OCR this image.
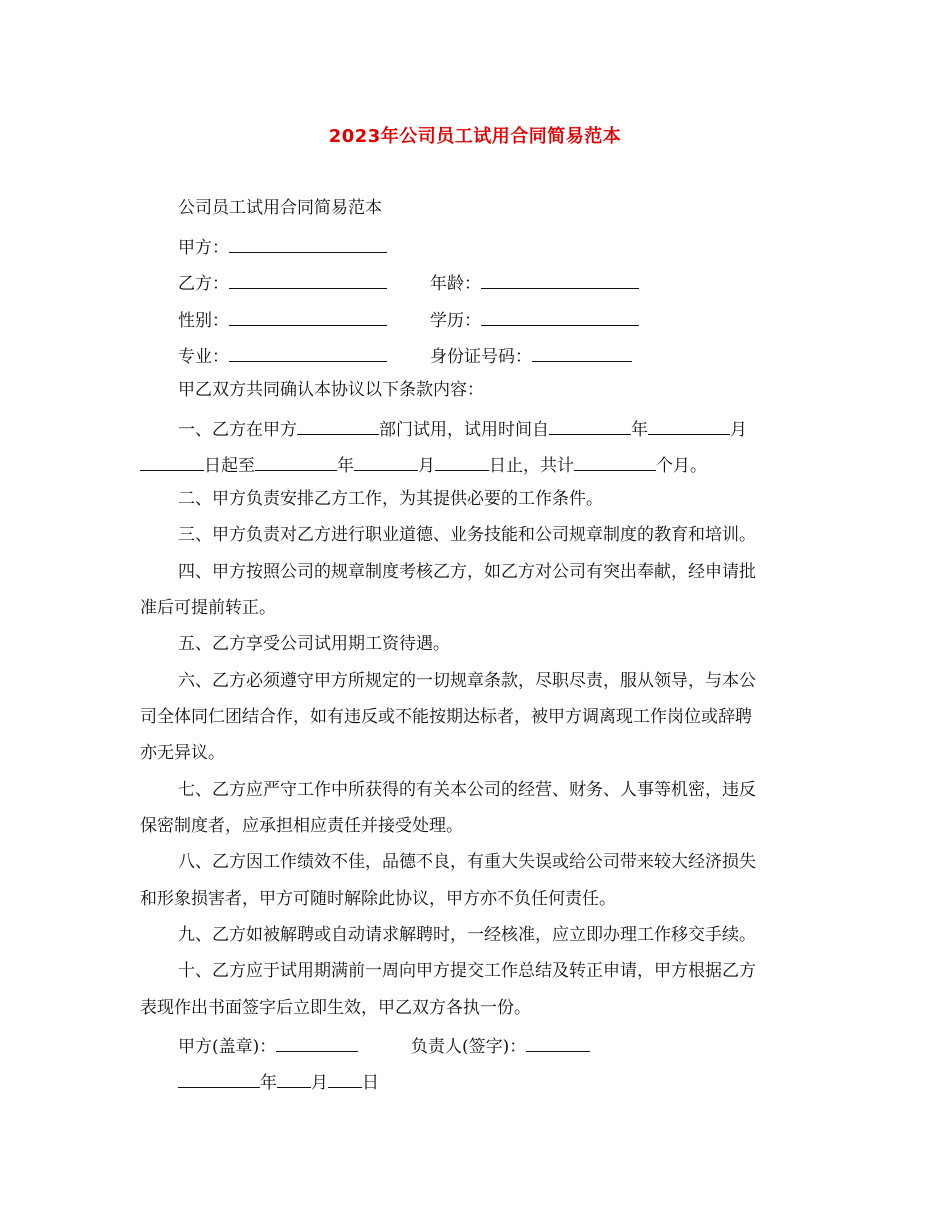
2023年公司员工试用合同简易范本
公司员工试用合同简易范本
甲方：
乙方：	年龄：
性别：	学历：
专业：	身份证号码：
甲乙双方共同确认本协议以下条款内容：
一、乙方在甲方	部门试用，试用时间自	年	月
日起至	年	月	日止，共计	个月。
二、甲方负责安排乙方工作，为其提供必要的工作条件。
三、甲方负责对乙方进行职业道德、业务技能和公司规章制度的教育和培训。
四、甲方按照公司的规章制度考核乙方，如乙方对公司有突出奉献，经申请批
准后可提前转正。
五、乙方享受公司试用期工资待遇。
六、乙方必须遵守甲方所规定的一切规章条款，尽职尽责，服从领导，与本公
司全体同仁团结合作，如有违反或不能按期达标者，被甲方调离现工作岗位或辞聘
亦无异议。
七、乙方应严守工作中所获得的有关本公司的经营、财务、人事等机密，违反
保密制度者，应承担相应责任并接受处理。
八、乙方因工作绩效不佳，品德不良，有重大失误或给公司带来较大经济损失
和形象损害者，甲方可随时解除此协议，甲方亦不负任何责任。
九、乙方如被解聘或自动请求解聘时，一经核准，应立即办理工作移交手续。
十、乙方应于试用期满前一周向甲方提交工作总结及转正申请，甲方根据乙方
表现作出书面签字后立即生效，甲乙双方各执一份。
甲方(盖章)：	负责人(签字)：
年 月 日
